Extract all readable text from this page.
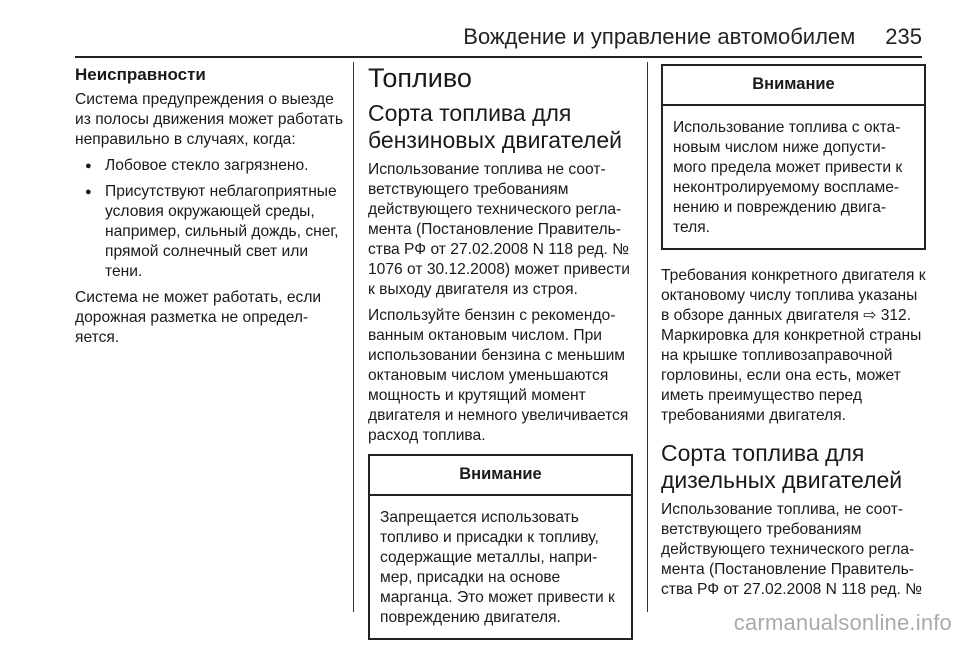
Вождение и управление автомобилем 235
Неисправности

Система предупреждения о выезде из полосы движения может работать неправильно в случаях, когда:

● Лобовое стекло загрязнено.
● Присутствуют неблагоприятные условия окружающей среды, например, сильный дождь, снег, прямой солнечный свет или тени.

Система не может работать, если дорожная разметка не определяется.

Топливо
Сорта топлива для бензиновых двигателей

Использование топлива не соответствующего требованиям действующего технического регламента (Постановление Правительства РФ от 27.02.2008 N 118 ред. № 1076 от 30.12.2008) может привести к выходу двигателя из строя.

Используйте бензин с рекомендованным октановым числом. При использовании бензина с меньшим октановым числом уменьшаются мощность и крутящий момент двигателя и немного увеличивается расход топлива.

Внимание

Запрещается использовать топливо и присадки к топливу, содержащие металлы, например, присадки на основе марганца. Это может привести к повреждению двигателя.

Внимание

Использование топлива с октановым числом ниже допустимого предела может привести к неконтролируемому воспламенению и повреждению двигателя.

Требования конкретного двигателя к октановому числу топлива указаны в обзоре данных двигателя ⇨ 312. Маркировка для конкретной страны на крышке топливозаправочной горловины, если она есть, может иметь преимущество перед требованиями двигателя.

Сорта топлива для дизельных двигателей

Использование топлива, не соответствующего требованиям действующего технического регламента (Постановление Правительства РФ от 27.02.2008 N 118 ред. №

carmanualsonline.info
